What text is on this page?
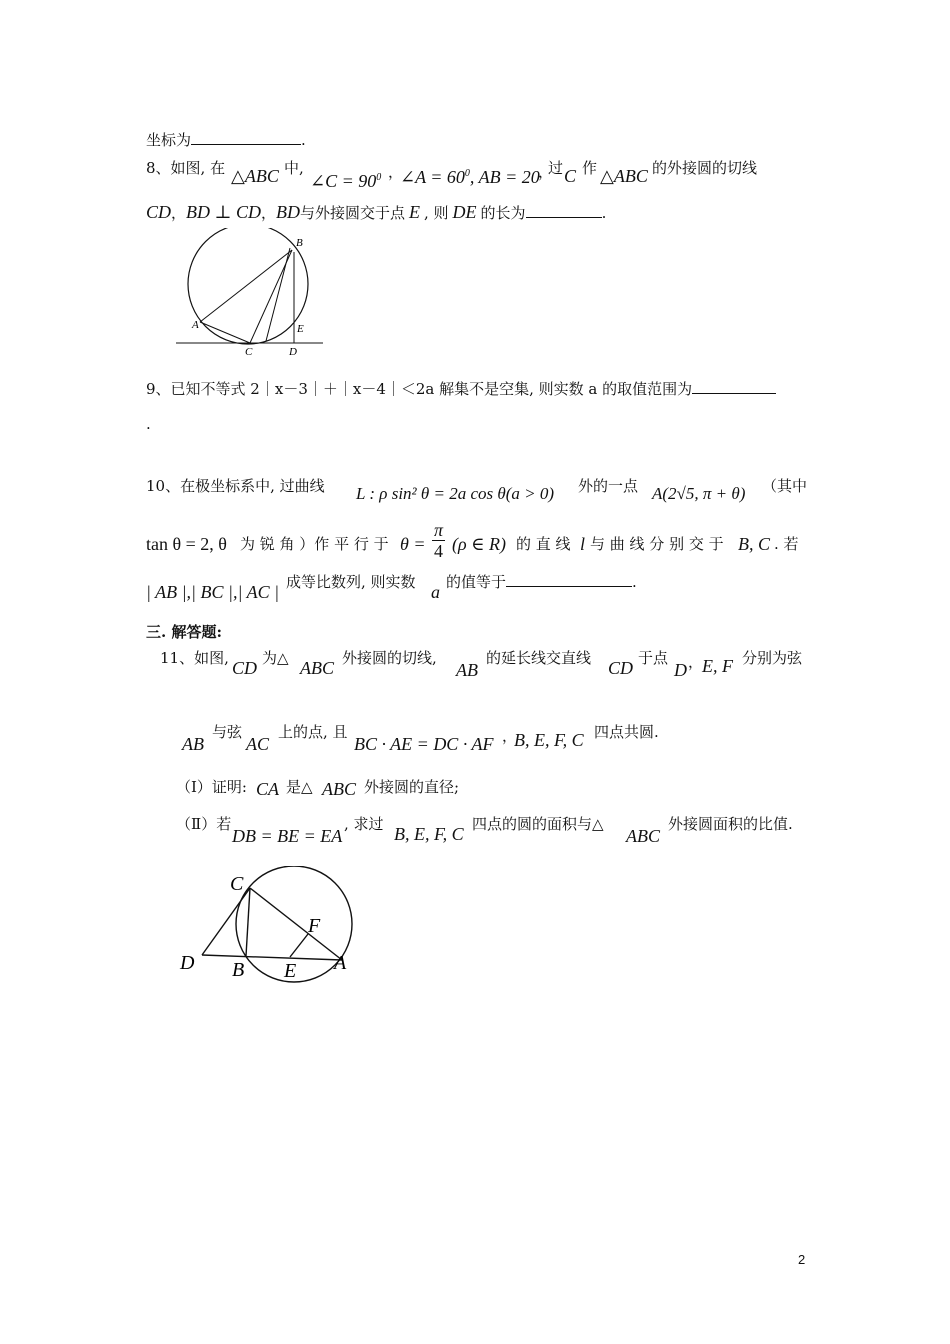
坐标为	.
8、如图, 在 △ABC 中,
∠C = $90^0$ ，
∠A = $60^0$, AB = 20
，
过 C 作 △ABC 的外接圆的切线
CD，BD ⊥ CD，BD与外接圆交于点 E , 则 DE 的长为	.
B
A	E
C	D
9、已知不等式 2｜x－3｜＋｜x－4｜＜2a 解集不是空集, 则实数 a 的取值范围为
.
10、在极坐标系中, 过曲线 L : ρ sin² θ = 2a cos θ(a > 0) 外的一点 A(2√5, π + θ) （其中
tan θ = 2, θ 为 锐 角 ）作 平 行 于 $\theta = \frac{\pi}{4} (\rho$ ∈ R) 的 直 线 l 与 曲 线 分 别 交 于 B, C . 若
| AB |,| BC |,| AC | 成等比数列, 则实数 a 的值等于	.
三. 解答题:
11、如图, CD 为△ ABC 外接圆的切线,
AB
的延长线交直线 CD 于点
D ，
E, F 分别为弦
AB
与弦
AC
上的点, 且
BC · AE = DC · AF ，
B, E, F, C 四点共圆.
（Ⅰ）证明: CA 是△ ABC 外接圆的直径;
（Ⅱ）若
DB = BE = EA
, 求过 B, E, F, C 四点的圆的面积与△
ABC
外接圆面积的比值.
C
F
D B E A
2
